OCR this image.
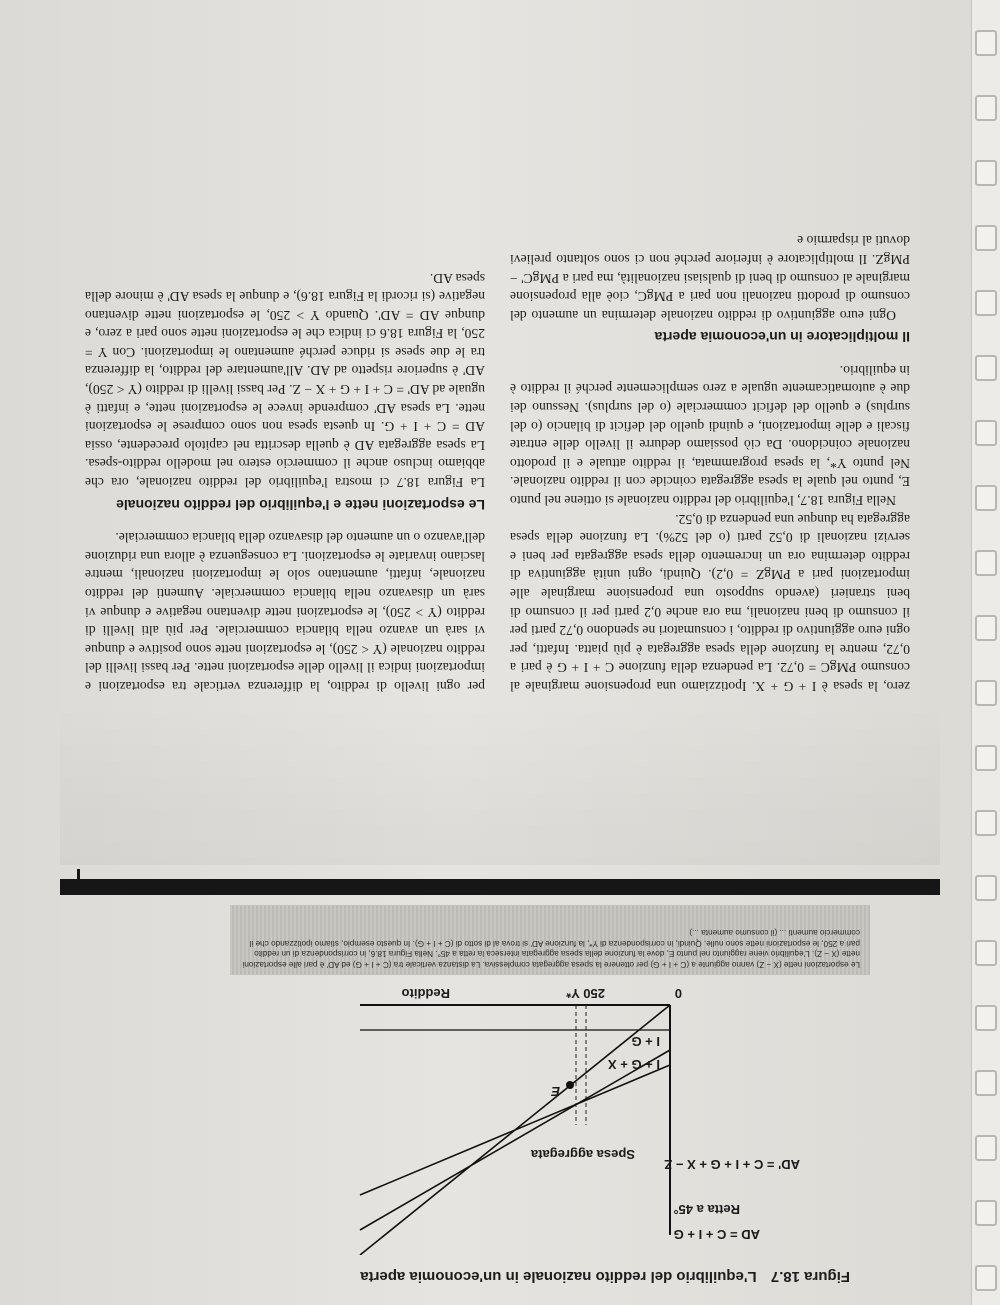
Figura 18.7 L'equilibrio del reddito nazionale in un'economia aperta
AD = C + I + G
Retta a 45°
AD' = C + I + G + X − Z
E
I + G + X
I + G
Spesa aggregata
0
250 Y*
Reddito
Le esportazioni nette (X − Z) vanno aggiunte a (C + I + G) per ottenere la spesa aggregata complessiva. La distanza verticale tra (C + I + G) ed AD' è pari alle esportazioni nette (X − Z). L'equilibrio viene raggiunto nel punto E, dove la funzione della spesa aggregata interseca la retta a 45°. Nella Figura 18.6, in corrispondenza di un reddito pari a 250, le esportazioni nette sono nulle. Quindi, in corrispondenza di Y*, la funzione AD' si trova al di sotto di (C + I + G). In questo esempio, stiamo ipotizzando che il commercio aumenti ... (il consumo aumenta ...)

zero, la spesa è I + G + X. Ipotizziamo una propensione marginale al consumo PMgC = 0,72. La pendenza della funzione C + I + G è pari a 0,72, mentre la funzione della spesa aggregata è più piatta. Infatti, per ogni euro aggiuntivo di reddito, i consumatori ne spendono 0,72 parti per il consumo di beni nazionali, ma ora anche 0,2 parti per il consumo di beni stranieri (avendo supposto una propensione marginale alle importazioni pari a PMgZ = 0,2). Quindi, ogni unità aggiuntiva di reddito determina ora un incremento della spesa aggregata per beni e servizi nazionali di 0,52 parti (o del 52%). La funzione della spesa aggregata ha dunque una pendenza di 0,52.

Nella Figura 18.7, l'equilibrio del reddito nazionale si ottiene nel punto E, punto nel quale la spesa aggregata coincide con il reddito nazionale. Nel punto Y*, la spesa programmata, il reddito attuale e il prodotto nazionale coincidono. Da ciò possiamo dedurre il livello delle entrate fiscali e delle importazioni, e quindi quello del deficit di bilancio (o del surplus) e quello del deficit commerciale (o del surplus). Nessuno dei due è automaticamente uguale a zero semplicemente perché il reddito è in equilibrio.

Il moltiplicatore in un'economia aperta

Ogni euro aggiuntivo di reddito nazionale determina un aumento del consumo di prodotti nazionali non pari a PMgC, cioè alla propensione marginale al consumo di beni di qualsiasi nazionalità, ma pari a PMgC' − PMgZ. Il moltiplicatore è inferiore perché non ci sono soltanto prelievi dovuti al risparmio e

per ogni livello di reddito, la differenza verticale tra esportazioni e importazioni indica il livello delle esportazioni nette. Per bassi livelli del reddito nazionale (Y < 250), le esportazioni nette sono positive e dunque vi sarà un avanzo nella bilancia commerciale. Per più alti livelli di reddito (Y > 250), le esportazioni nette diventano negative e dunque vi sarà un disavanzo nella bilancia commerciale. Aumenti del reddito nazionale, infatti, aumentano solo le importazioni nazionali, mentre lasciano invariate le esportazioni. La conseguenza è allora una riduzione dell'avanzo o un aumento del disavanzo della bilancia commerciale.

Le esportazioni nette e l'equilibrio del reddito nazionale

La Figura 18.7 ci mostra l'equilibrio del reddito nazionale, ora che abbiamo incluso anche il commercio estero nel modello reddito-spesa. La spesa aggregata AD è quella descritta nel capitolo precedente, ossia AD = C + I + G. In questa spesa non sono comprese le esportazioni nette. La spesa AD' comprende invece le esportazioni nette, e infatti è uguale ad AD' = C + I + G + X − Z. Per bassi livelli di reddito (Y < 250), AD' è superiore rispetto ad AD. All'aumentare del reddito, la differenza tra le due spese si riduce perché aumentano le importazioni. Con Y = 250, la Figura 18.6 ci indica che le esportazioni nette sono pari a zero, e dunque AD = AD'. Quando Y > 250, le esportazioni nette diventano negative (si ricordi la Figura 18.6), e dunque la spesa AD' è minore della spesa AD.
